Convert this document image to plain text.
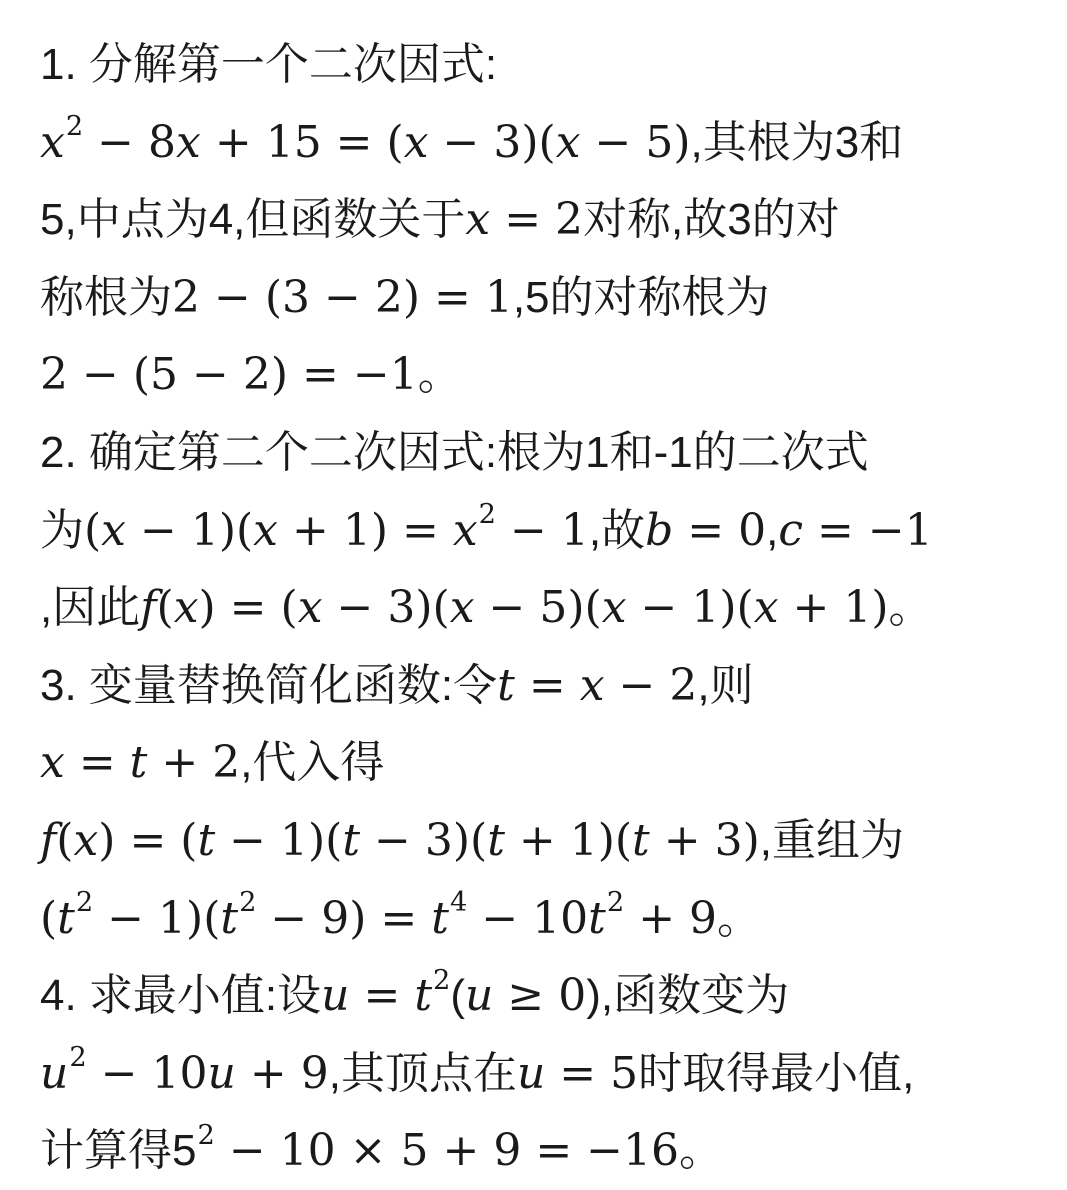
1. 分解第一个二次因式:
$x^2 - 8x + 15 = (x - 3)(x - 5)$,其根为3和
5,中点为4,但函数关于x = 2对称,故3的对
称根为2 − (3 − 2) = 1,5的对称根为
2 − (5 − 2) = −1。
2. 确定第二个二次因式:根为1和-1的二次式
为$(x - 1)(x + 1) = x^2 - 1$,故b = 0,c = −1
,因此f(x) = (x − 3)(x − 5)(x − 1)(x + 1)。
3. 变量替换简化函数:令t = x − 2,则
x = t + 2,代入得
f(x) = (t − 1)(t − 3)(t + 1)(t + 3),重组为
$(t^2 - 1)(t^2 - 9) = t^4 - 10t^2 + 9$。
4. 求最小值:设$u = t^2(u \ge 0)$,函数变为
$u^2 - 10u + 9$,其顶点在u = 5时取得最小值,
计算得$5^2 - 10 \times 5 + 9 = -16$。
